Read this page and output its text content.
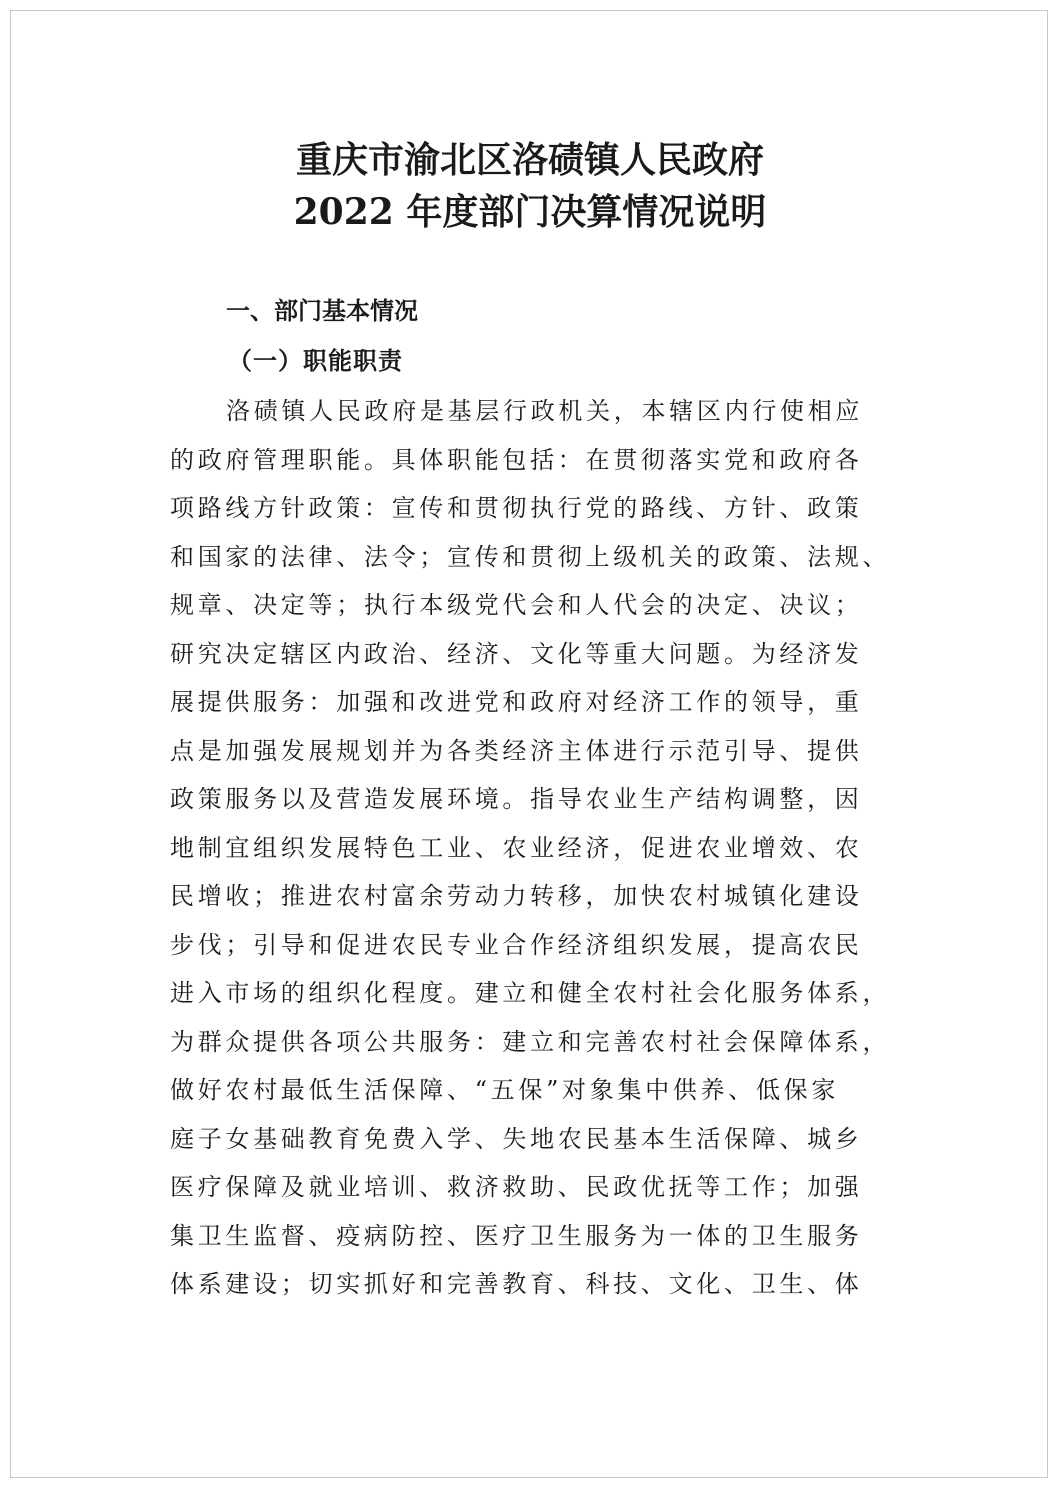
重庆市渝北区洛碛镇人民政府
2022 年度部门决算情况说明
一、部门基本情况
（一）职能职责
洛碛镇人民政府是基层行政机关，本辖区内行使相应
的政府管理职能。具体职能包括：在贯彻落实党和政府各
项路线方针政策：宣传和贯彻执行党的路线、方针、政策
和国家的法律、法令；宣传和贯彻上级机关的政策、法规、
规章、决定等；执行本级党代会和人代会的决定、决议；
研究决定辖区内政治、经济、文化等重大问题。为经济发
展提供服务：加强和改进党和政府对经济工作的领导，重
点是加强发展规划并为各类经济主体进行示范引导、提供
政策服务以及营造发展环境。指导农业生产结构调整，因
地制宜组织发展特色工业、农业经济，促进农业增效、农
民增收；推进农村富余劳动力转移，加快农村城镇化建设
步伐；引导和促进农民专业合作经济组织发展，提高农民
进入市场的组织化程度。建立和健全农村社会化服务体系，
为群众提供各项公共服务：建立和完善农村社会保障体系，
做好农村最低生活保障、“五保”对象集中供养、低保家
庭子女基础教育免费入学、失地农民基本生活保障、城乡
医疗保障及就业培训、救济救助、民政优抚等工作；加强
集卫生监督、疫病防控、医疗卫生服务为一体的卫生服务
体系建设；切实抓好和完善教育、科技、文化、卫生、体
